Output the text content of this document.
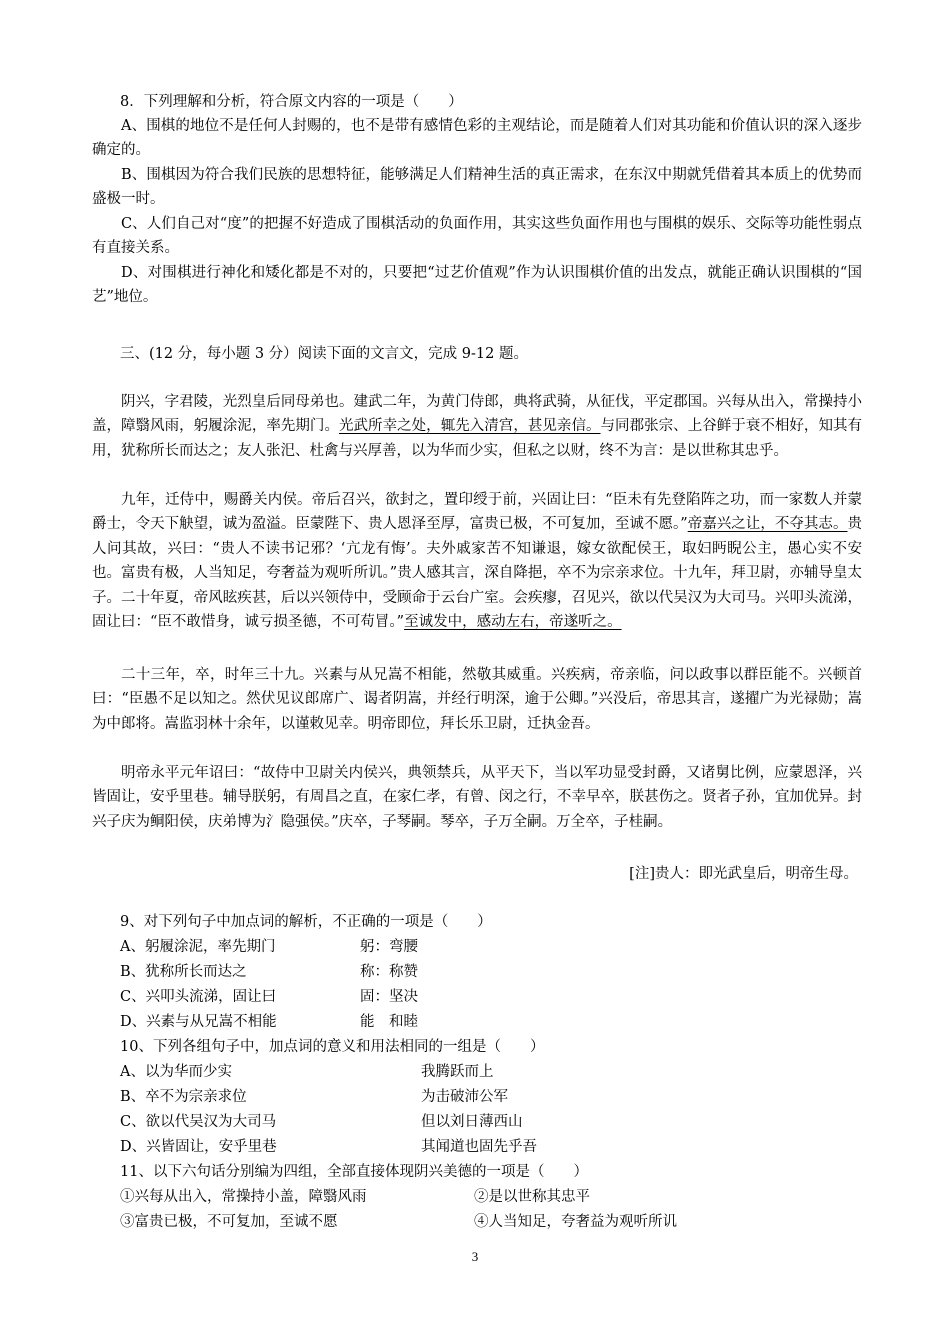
8．下列理解和分析，符合原文内容的一项是（　　）

A、围棋的地位不是任何人封赐的，也不是带有感情色彩的主观结论，而是随着人们对其功能和价值认识的深入逐步确定的。

B、围棋因为符合我们民族的思想特征，能够满足人们精神生活的真正需求，在东汉中期就凭借着其本质上的优势而盛极一时。

C、人们自己对“度”的把握不好造成了围棋活动的负面作用，其实这些负面作用也与围棋的娱乐、交际等功能性弱点有直接关系。

D、对围棋进行神化和矮化都是不对的，只要把“过艺价值观”作为认识围棋价值的出发点，就能正确认识围棋的“国艺”地位。

三、(12 分，每小题 3 分）阅读下面的文言文，完成 9-12 题。

阴兴，字君陵，光烈皇后同母弟也。建武二年，为黄门侍郎，典将武骑，从征伐，平定郡国。兴每从出入，常操持小盖，障翳风雨，躬履涂泥，率先期门。光武所幸之处，辄先入清宫，甚见亲信。与同郡张宗、上谷鲜于衰不相好，知其有用，犹称所长而达之；友人张汜、杜禽与兴厚善，以为华而少实，但私之以财，终不为言：是以世称其忠乎。

九年，迁侍中，赐爵关内侯。帝后召兴，欲封之，置印绶于前，兴固让曰：“臣未有先登陷阵之功，而一家数人并蒙爵士，令天下觖望，诚为盈溢。臣蒙陛下、贵人恩泽至厚，富贵已极，不可复加，至诚不愿。”帝嘉兴之让，不夺其志。贵人问其故，兴曰：“贵人不读书记邪？‘亢龙有悔’。夫外戚家苦不知谦退，嫁女欲配侯王，取妇眄睨公主，愚心实不安也。富贵有极，人当知足，夸奢益为观听所讥。”贵人感其言，深自降挹，卒不为宗亲求位。十九年，拜卫尉，亦辅导皇太子。二十年夏，帝风眩疾甚，后以兴领侍中，受顾命于云台广室。会疾瘳，召见兴，欲以代吴汉为大司马。兴叩头流涕，固让曰：“臣不敢惜身，诚亏损圣德，不可苟冒。”至诚发中，感动左右，帝遂听之。

二十三年，卒，时年三十九。兴素与从兄嵩不相能，然敬其威重。兴疾病，帝亲临，问以政事以群臣能不。兴顿首曰：“臣愚不足以知之。然伏见议郎席广、谒者阴嵩，并经行明深，逾于公卿。”兴没后，帝思其言，遂擢广为光禄勋；嵩为中郎将。嵩监羽林十余年，以谨敕见幸。明帝即位，拜长乐卫尉，迁执金吾。

明帝永平元年诏曰：“故侍中卫尉关内侯兴，典领禁兵，从平天下，当以军功显受封爵，又诸舅比例，应蒙恩泽，兴皆固让，安乎里巷。辅导朕躬，有周昌之直，在家仁孝，有曾、闵之行，不幸早卒，朕甚伤之。贤者子孙，宜加优异。封兴子庆为鲖阳侯，庆弟博为氵隐强侯。”庆卒，子琴嗣。琴卒，子万全嗣。万全卒，子桂嗣。

[注]贵人：即光武皇后，明帝生母。

9、对下列句子中加点词的解析，不正确的一项是（　　）

A、躬履涂泥，率先期门	躬：弯腰

B、犹称所长而达之	称：称赞

C、兴叩头流涕，固让曰	固：坚决

D、兴素与从兄嵩不相能	能　和睦

10、下列各组句子中，加点词的意义和用法相同的一组是（　　）

A、以为华而少实	我腾跃而上

B、卒不为宗亲求位	为击破沛公军

C、欲以代吴汉为大司马	但以刘日薄西山

D、兴皆固让，安乎里巷	其闻道也固先乎吾

11、以下六句话分别编为四组，全部直接体现阴兴美德的一项是（　　）

①兴每从出入，常操持小盖，障翳风雨	②是以世称其忠平

③富贵已极，不可复加，至诚不愿	④人当知足，夸奢益为观听所讥

3
